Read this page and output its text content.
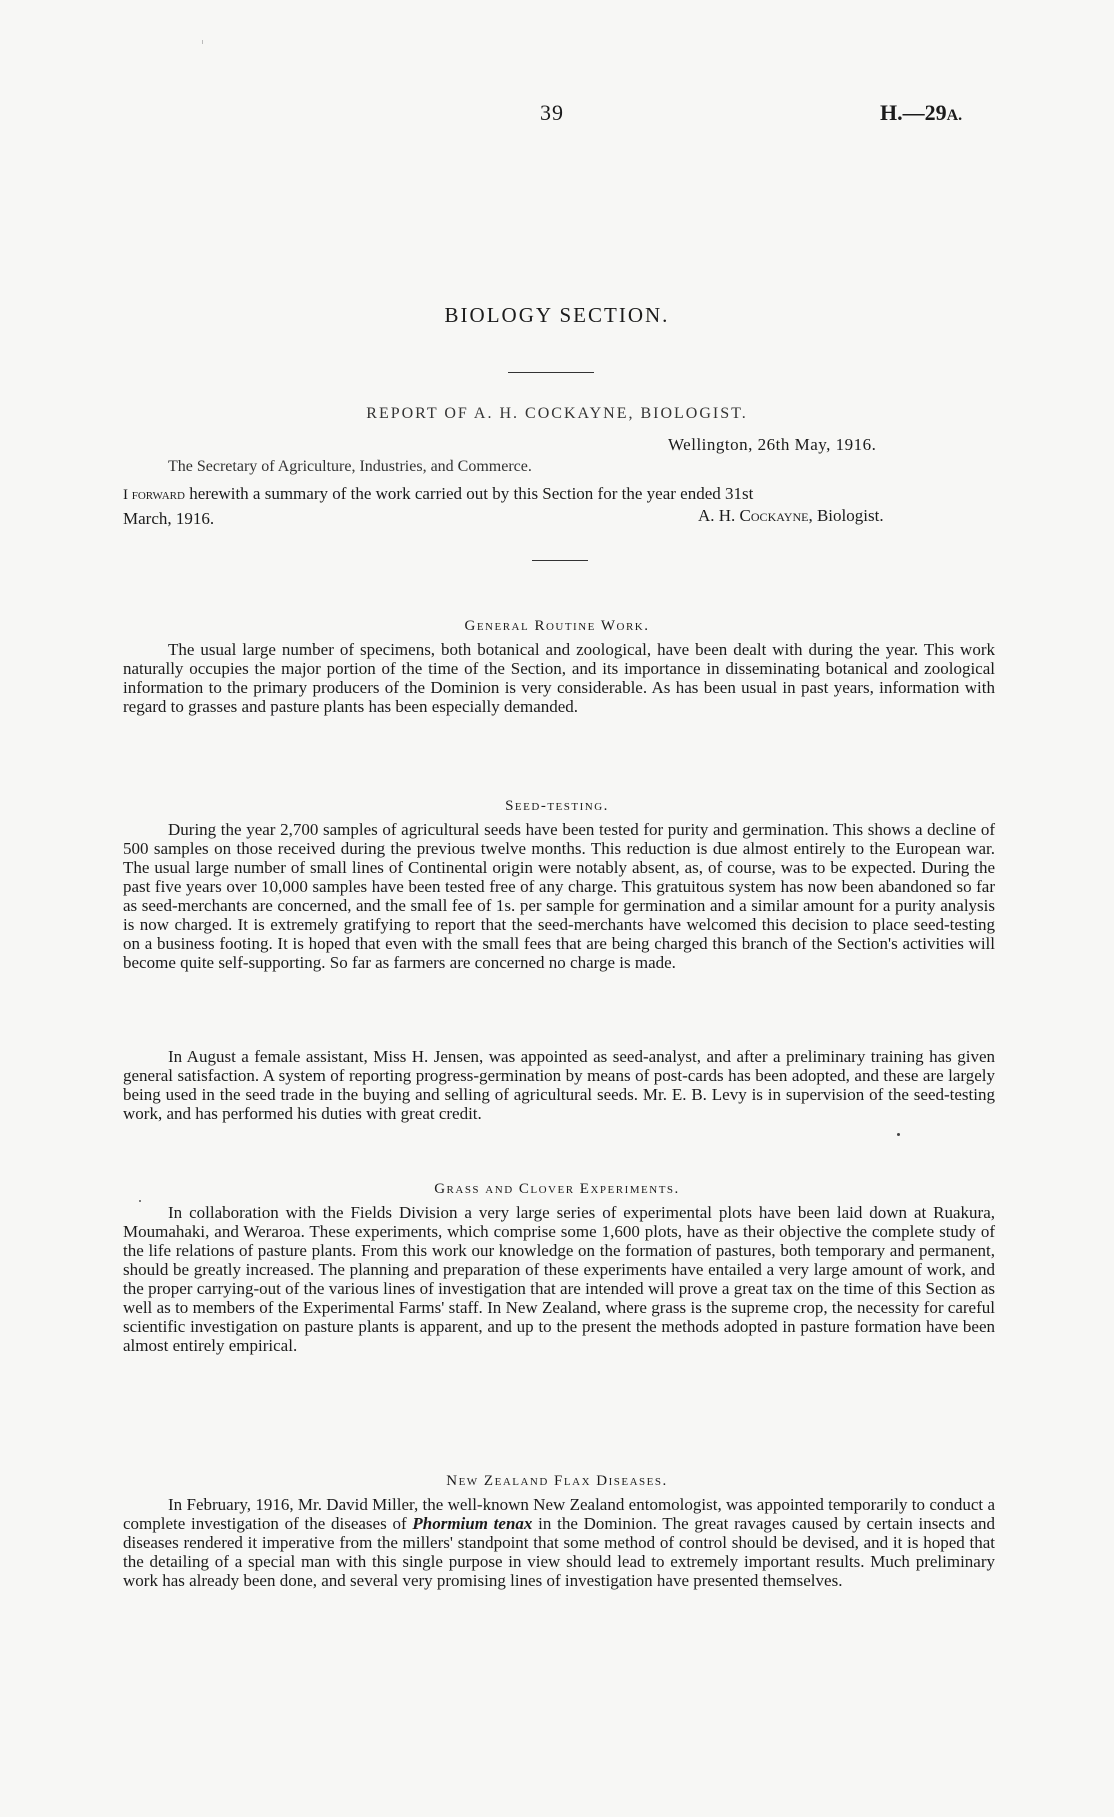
39	H.—29A.
BIOLOGY SECTION.
REPORT OF A. H. COCKAYNE, BIOLOGIST.
Wellington, 26th May, 1916.
The Secretary of Agriculture, Industries, and Commerce.
I forward herewith a summary of the work carried out by this Section for the year ended 31st
March, 1916.	A. H. Cockayne, Biologist.
General Routine Work.
The usual large number of specimens, both botanical and zoological, have been dealt with during the year. This work naturally occupies the major portion of the time of the Section, and its importance in disseminating botanical and zoological information to the primary producers of the Dominion is very considerable. As has been usual in past years, information with regard to grasses and pasture plants has been especially demanded.
Seed-testing.
During the year 2,700 samples of agricultural seeds have been tested for purity and germination. This shows a decline of 500 samples on those received during the previous twelve months. This reduction is due almost entirely to the European war. The usual large number of small lines of Continental origin were notably absent, as, of course, was to be expected. During the past five years over 10,000 samples have been tested free of any charge. This gratuitous system has now been abandoned so far as seed-merchants are concerned, and the small fee of 1s. per sample for germination and a similar amount for a purity analysis is now charged. It is extremely gratifying to report that the seed-merchants have welcomed this decision to place seed-testing on a business footing. It is hoped that even with the small fees that are being charged this branch of the Section's activities will become quite self-supporting. So far as farmers are concerned no charge is made.
In August a female assistant, Miss H. Jensen, was appointed as seed-analyst, and after a preliminary training has given general satisfaction. A system of reporting progress-germination by means of post-cards has been adopted, and these are largely being used in the seed trade in the buying and selling of agricultural seeds. Mr. E. B. Levy is in supervision of the seed-testing work, and has performed his duties with great credit.
Grass and Clover Experiments.
In collaboration with the Fields Division a very large series of experimental plots have been laid down at Ruakura, Moumahaki, and Weraroa. These experiments, which comprise some 1,600 plots, have as their objective the complete study of the life relations of pasture plants. From this work our knowledge on the formation of pastures, both temporary and permanent, should be greatly increased. The planning and preparation of these experiments have entailed a very large amount of work, and the proper carrying-out of the various lines of investigation that are intended will prove a great tax on the time of this Section as well as to members of the Experimental Farms' staff. In New Zealand, where grass is the supreme crop, the necessity for careful scientific investigation on pasture plants is apparent, and up to the present the methods adopted in pasture formation have been almost entirely empirical.
New Zealand Flax Diseases.
In February, 1916, Mr. David Miller, the well-known New Zealand entomologist, was appointed temporarily to conduct a complete investigation of the diseases of Phormium tenax in the Dominion. The great ravages caused by certain insects and diseases rendered it imperative from the millers' standpoint that some method of control should be devised, and it is hoped that the detailing of a special man with this single purpose in view should lead to extremely important results. Much preliminary work has already been done, and several very promising lines of investigation have presented themselves.
